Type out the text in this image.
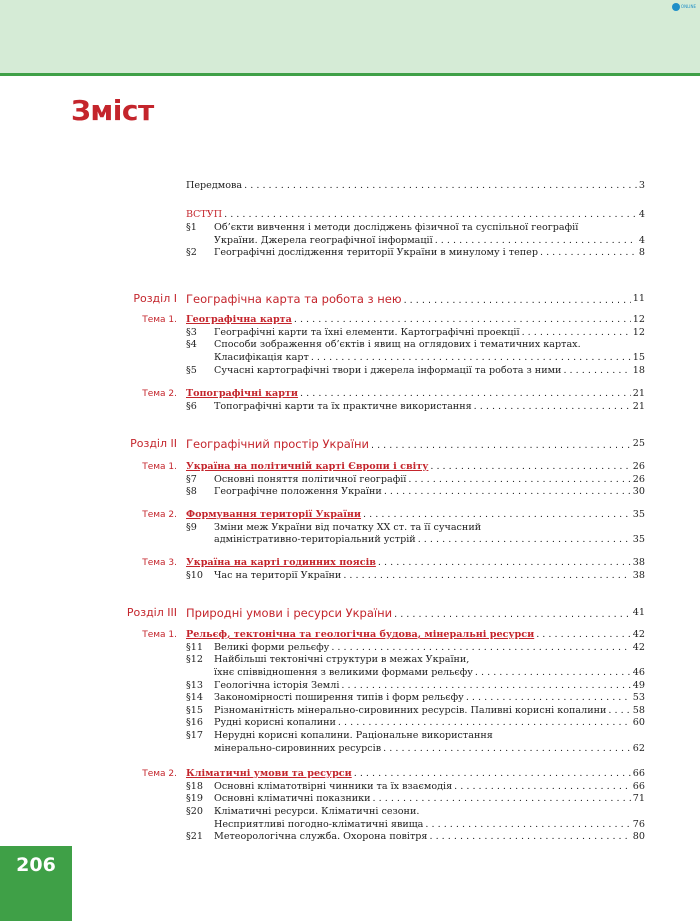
ONLINE
Зміст
Передмова . . .	3
ВСТУП . . .	4
§1	Об’єкти вивчення і методи досліджень фізичної та суспільної географії
України. Джерела географічної інформації . . .	4
§2	Географічні дослідження території України в минулому і тепер . . .	8
Розділ I Географічна карта та робота з нею . . .	11
Тема 1. Географічна карта . . .	12
§3	Географічні карти та їхні елементи. Картографічні проекції . . .	12
§4	Способи зображення об’єктів і явищ на оглядових і тематичних картах.
Класифікація карт . . .	15
§5	Сучасні картографічні твори і джерела інформації та робота з ними . . .	18
Тема 2. Топографічні карти . . .	21
§6	Топографічні карти та їх практичне використання . . .	21
Розділ II Географічний простір України . . .	25
Тема 1. Україна на політичній карті Європи і світу . . .	26
§7	Основні поняття політичної географії . . .	26
§8	Географічне положення України . . .	30
Тема 2. Формування території України . . .	35
§9	Зміни меж України від початку XX ст. та її сучасний
адміністративно-територіальний устрій . . .	35
Тема 3. Україна на карті годинних поясів . . .	38
§10	Час на території України . . .	38
Розділ III Природні умови і ресурси України . . .	41
Тема 1. Рельєф, тектонічна та геологічна будова, мінеральні ресурси . . .	42
§11	Великі форми рельєфу . . .	42
§12	Найбільші тектонічні структури в межах України,
їхнє співвідношення з великими формами рельєфу . . .	46
§13	Геологічна історія Землі . . .	49
§14	Закономірності поширення типів і форм рельєфу . . .	53
§15	Різноманітність мінерально-сировинних ресурсів. Паливні корисні копалини . . .	58
§16	Рудні корисні копалини . . .	60
§17	Нерудні корисні копалини. Раціональне використання
мінерально-сировинних ресурсів . . .	62
Тема 2. Кліматичні умови та ресурси . . .	66
§18	Основні кліматотвірні чинники та їх взаємодія . . .	66
§19	Основні кліматичні показники . . .	71
§20	Кліматичні ресурси. Кліматичні сезони.
Несприятливі погодно-кліматичні явища . . .	76
§21	Метеорологічна служба. Охорона повітря . . .	80
206
